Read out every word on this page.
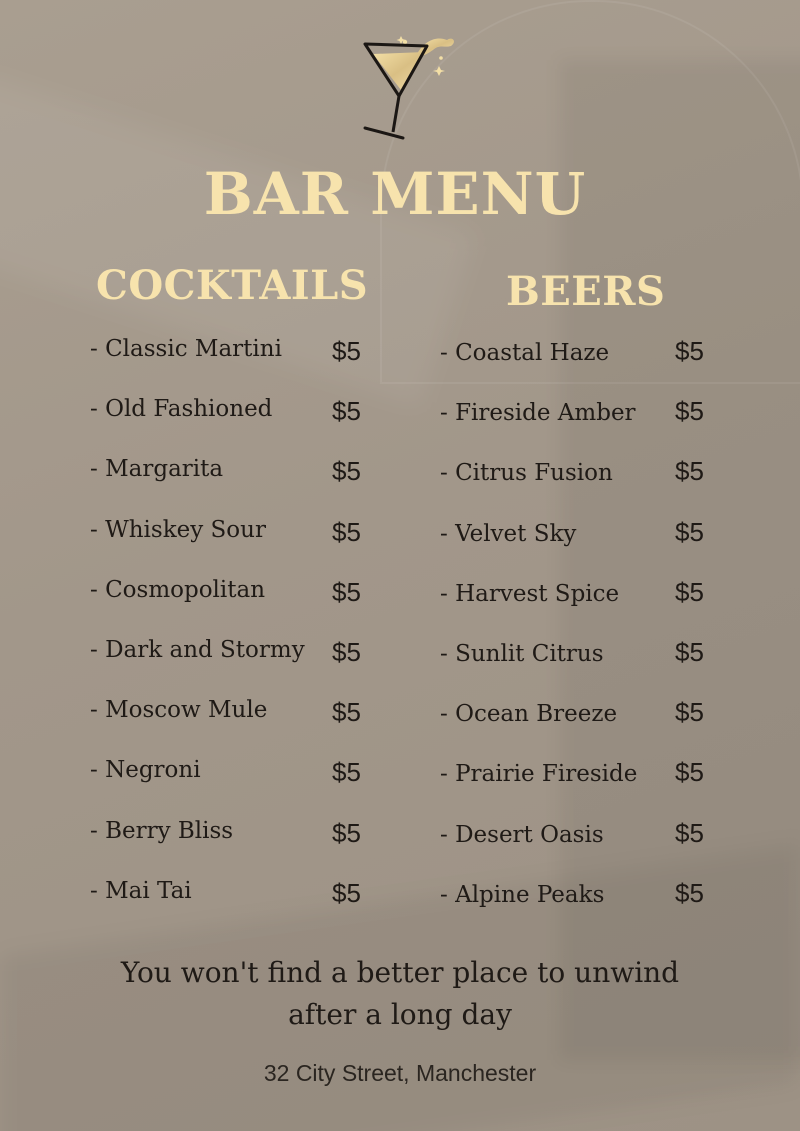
BAR MENU
COCKTAILS	BEERS
- Classic Martini $5
- Old Fashioned $5
- Margarita	$5
- Whiskey Sour	$5
- Cosmopolitan	$5
- Dark and Stormy $5
- Moscow Mule $5
- Negroni	$5
- Berry Bliss	$5
- Mai Tai	$5
- Coastal Haze	$5
- Fireside Amber $5
- Citrus Fusion $5
- Velvet Sky	$5
- Harvest Spice $5
- Sunlit Citrus	$5
- Ocean Breeze $5
- Prairie Fireside $5
- Desert Oasis	$5
- Alpine Peaks	$5
You won't find a better place to unwind after a long day
32 City Street, Manchester
